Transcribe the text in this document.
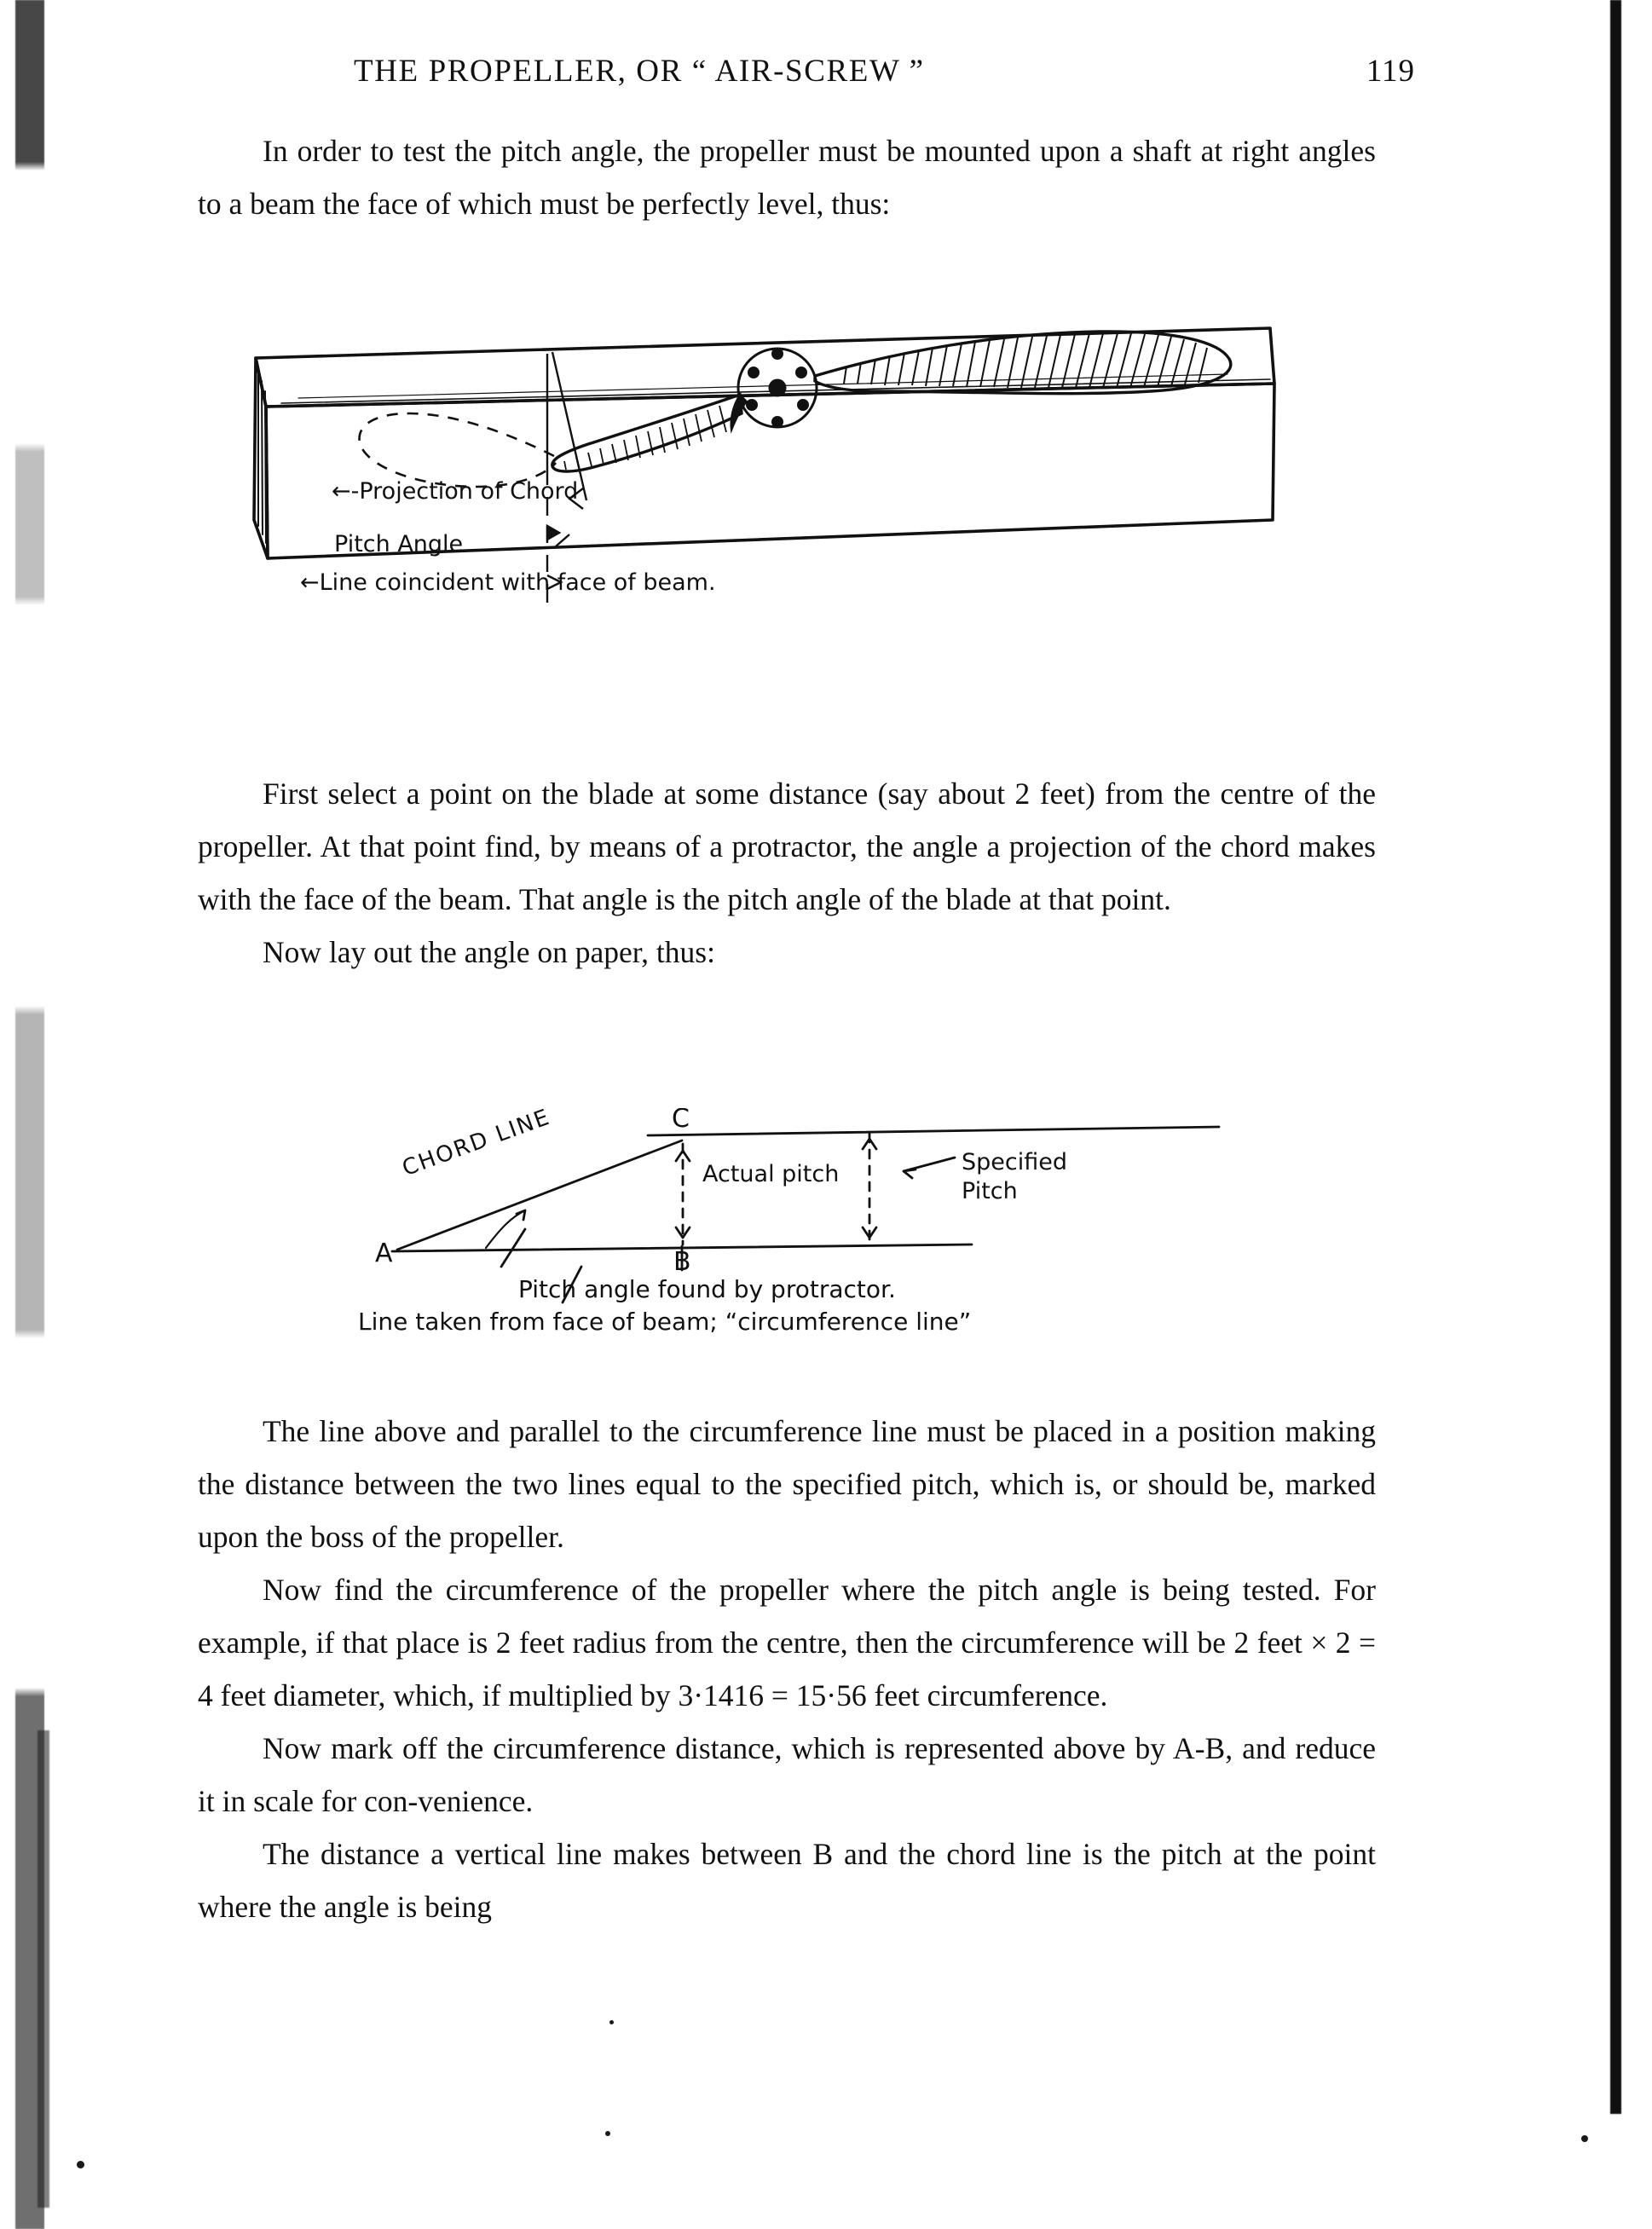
THE PROPELLER, OR “ AIR-SCREW ”	119

In order to test the pitch angle, the propeller must be mounted upon a shaft at right angles to a beam the face of which must be perfectly level, thus:

←-Projection of Chord
Pitch Angle
←Line coincident with face of beam.

First select a point on the blade at some distance (say about 2 feet) from the centre of the propeller. At that point find, by means of a protractor, the angle a projection of the chord makes with the face of the beam. That angle is the pitch angle of the blade at that point.

Now lay out the angle on paper, thus:

A	B
C
CHORD LINE	Actual pitch	Specified
Pitch
Pitch angle found by protractor.
Line taken from face of beam; “circumference line”

The line above and parallel to the circumference line must be placed in a position making the distance between the two lines equal to the specified pitch, which is, or should be, marked upon the boss of the propeller.

Now find the circumference of the propeller where the pitch angle is being tested. For example, if that place is 2 feet radius from the centre, then the circumference will be 2 feet × 2 = 4 feet diameter, which, if multiplied by 3·1416 = 15·56 feet circumference.

Now mark off the circumference distance, which is represented above by A-B, and reduce it in scale for con-venience.

The distance a vertical line makes between B and the chord line is the pitch at the point where the angle is being
